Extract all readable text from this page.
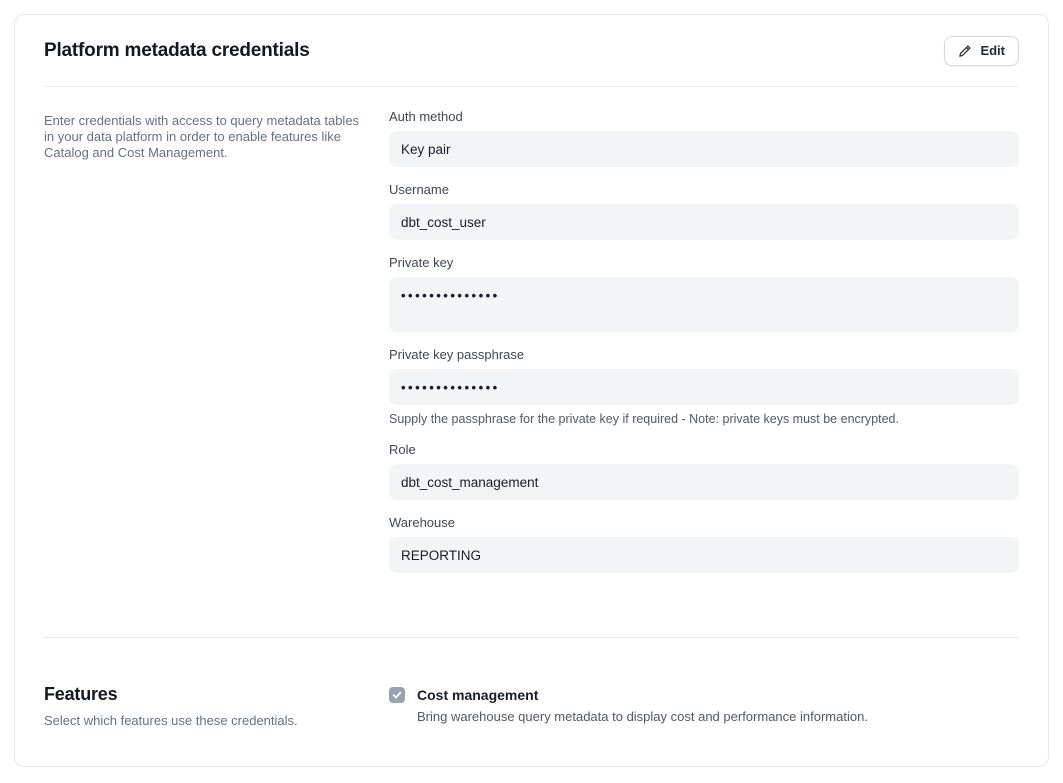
Platform metadata credentials	Edit
Enter credentials with access to query metadata tables in your data platform in order to enable features like Catalog and Cost Management.
Auth method
Key pair
Username
dbt_cost_user
Private key
••••••••••••••
Private key passphrase
••••••••••••••
Supply the passphrase for the private key if required - Note: private keys must be encrypted.
Role
dbt_cost_management
Warehouse
REPORTING
Features
Select which features use these credentials.
Cost management
Bring warehouse query metadata to display cost and performance information.
